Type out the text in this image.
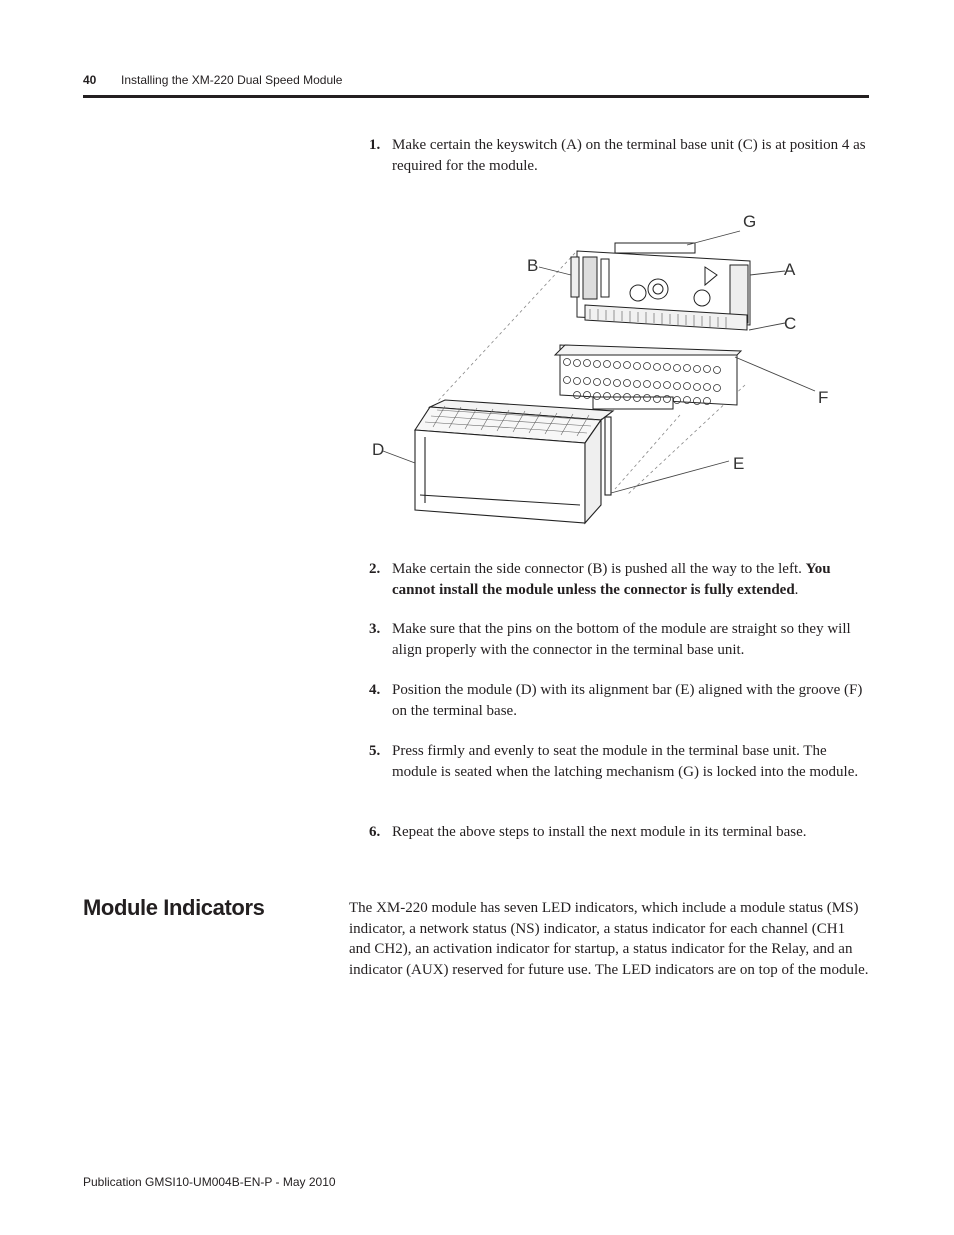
40 Installing the XM-220 Dual Speed Module
1. Make certain the keyswitch (A) on the terminal base unit (C) is at position 4 as required for the module.
G
B	A
C
F
D
E
2. Make certain the side connector (B) is pushed all the way to the left. You cannot install the module unless the connector is fully extended.
3. Make sure that the pins on the bottom of the module are straight so they will align properly with the connector in the terminal base unit.
4. Position the module (D) with its alignment bar (E) aligned with the groove (F) on the terminal base.
5. Press firmly and evenly to seat the module in the terminal base unit. The module is seated when the latching mechanism (G) is locked into the module.
6. Repeat the above steps to install the next module in its terminal base.
Module Indicators	The XM-220 module has seven LED indicators, which include a module status (MS) indicator, a network status (NS) indicator, a status indicator for each channel (CH1 and CH2), an activation indicator for startup, a status indicator for the Relay, and an indicator (AUX) reserved for future use. The LED indicators are on top of the module.

Publication GMSI10-UM004B-EN-P - May 2010
